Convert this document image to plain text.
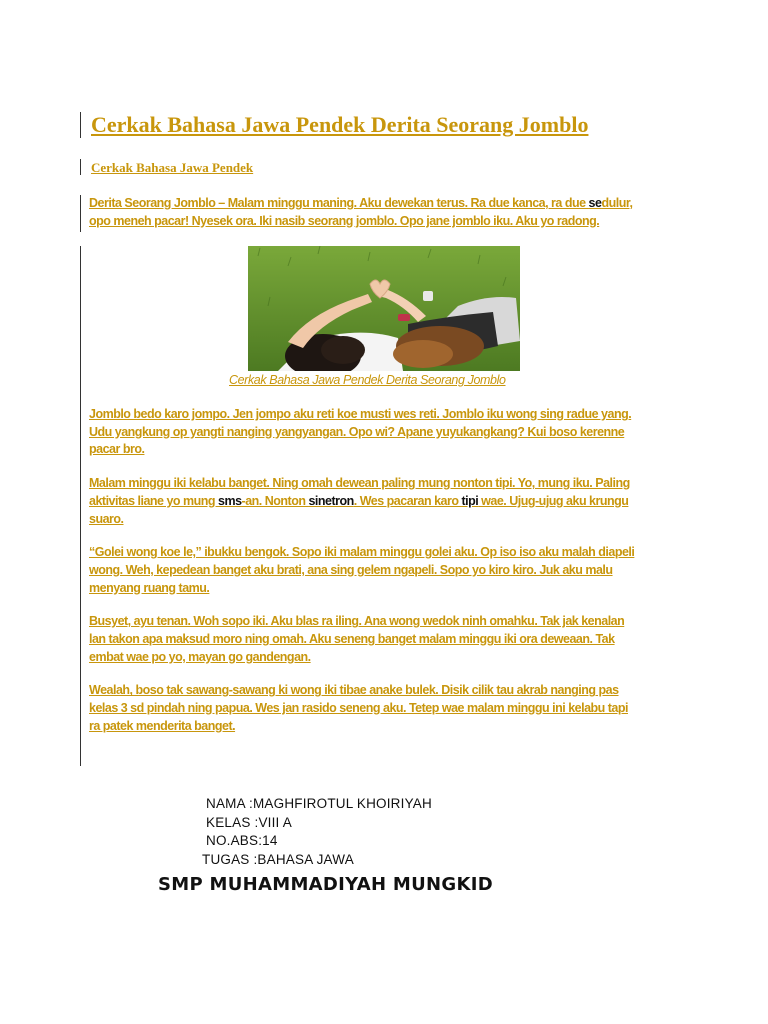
Cerkak Bahasa Jawa Pendek Derita Seorang Jomblo
Cerkak Bahasa Jawa Pendek
Derita Seorang Jomblo – Malam minggu maning. Aku dewekan terus. Ra due kanca, ra due sedulur,
opo meneh pacar! Nyesek ora. Iki nasib seorang jomblo. Opo jane jomblo iku. Aku yo radong.
Cerkak Bahasa Jawa Pendek Derita Seorang Jomblo
Jomblo bedo karo jompo. Jen jompo aku reti koe musti wes reti. Jomblo iku wong sing radue yang.
Udu yangkung op yangti nanging yangyangan. Opo wi? Apane yuyukangkang? Kui boso kerenne
pacar bro.
Malam minggu iki kelabu banget. Ning omah dewean paling mung nonton tipi. Yo, mung iku. Paling
aktivitas liane yo mung sms-an. Nonton sinetron. Wes pacaran karo tipi wae. Ujug-ujug aku krungu
suaro.
“Golei wong koe le,” ibukku bengok. Sopo iki malam minggu golei aku. Op iso iso aku malah diapeli
wong. Weh, kepedean banget aku brati, ana sing gelem ngapeli. Sopo yo kiro kiro. Juk aku malu
menyang ruang tamu.
Busyet, ayu tenan. Woh sopo iki. Aku blas ra iling. Ana wong wedok ninh omahku. Tak jak kenalan
lan takon apa maksud moro ning omah. Aku seneng banget malam minggu iki ora deweaan. Tak
embat wae po yo, mayan go gandengan.
Wealah, boso tak sawang-sawang ki wong iki tibae anake bulek. Disik cilik tau akrab nanging pas
kelas 3 sd pindah ning papua. Wes jan rasido seneng aku. Tetep wae malam minggu ini kelabu tapi
ra patek menderita banget.
NAMA :MAGHFIROTUL KHOIRIYAH
KELAS :VIII A
NO.ABS:14
TUGAS :BAHASA JAWA
SMP MUHAMMADIYAH MUNGKID
